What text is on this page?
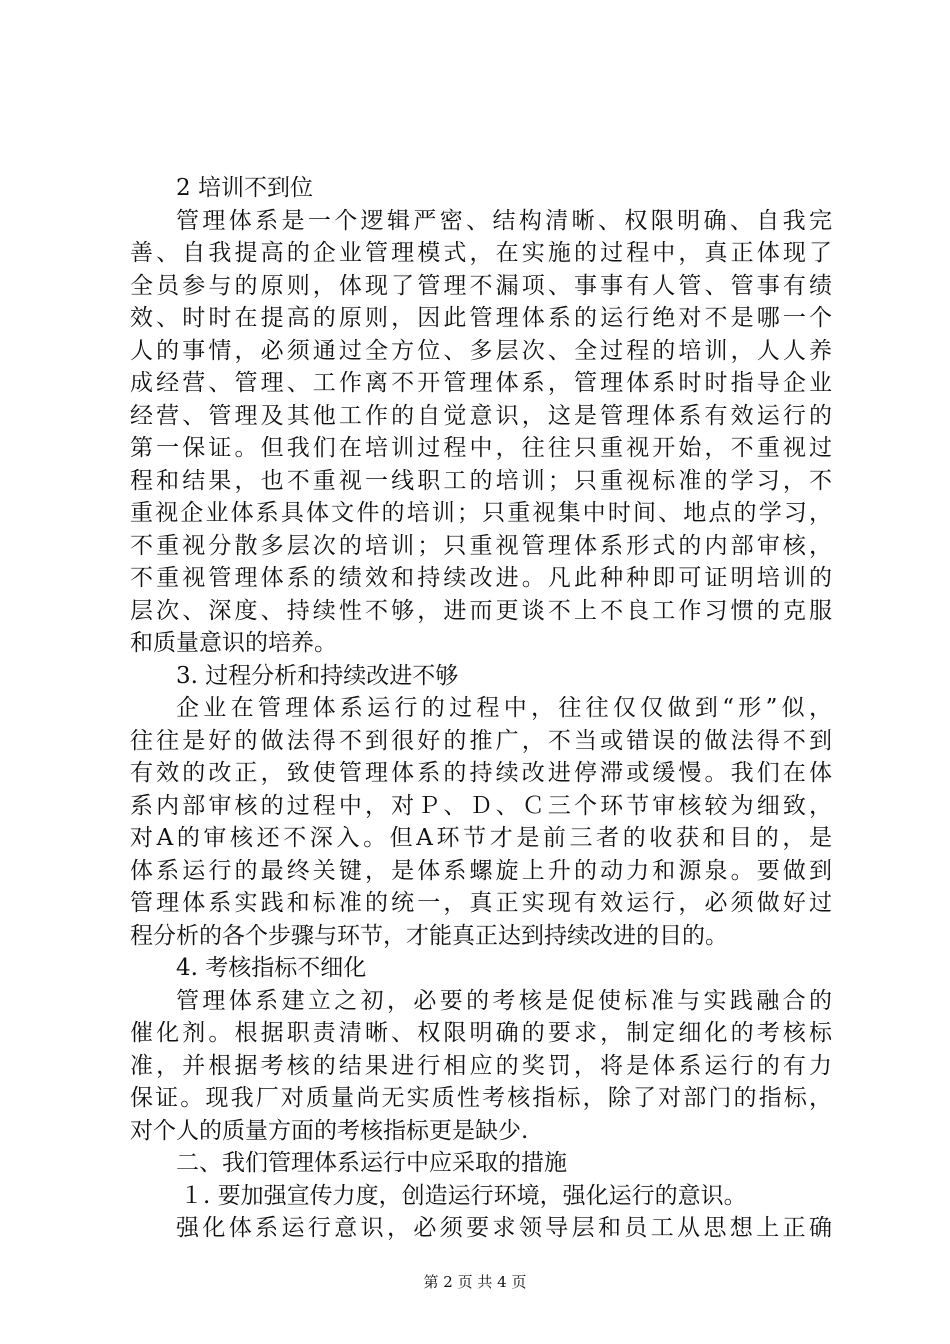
2 培训不到位
管理体系是一个逻辑严密、结构清晰、权限明确、自我完
善、自我提高的企业管理模式，在实施的过程中，真正体现了
全员参与的原则，体现了管理不漏项、事事有人管、管事有绩
效、时时在提高的原则，因此管理体系的运行绝对不是哪一个
人的事情，必须通过全方位、多层次、全过程的培训，人人养
成经营、管理、工作离不开管理体系，管理体系时时指导企业
经营、管理及其他工作的自觉意识，这是管理体系有效运行的
第一保证。但我们在培训过程中，往往只重视开始，不重视过
程和结果，也不重视一线职工的培训；只重视标准的学习，不
重视企业体系具体文件的培训；只重视集中时间、地点的学习，
不重视分散多层次的培训；只重视管理体系形式的内部审核，
不重视管理体系的绩效和持续改进。凡此种种即可证明培训的
层次、深度、持续性不够，进而更谈不上不良工作习惯的克服
和质量意识的培养。
3. 过程分析和持续改进不够
企业在管理体系运行的过程中，往往仅仅做到“形”似，
往往是好的做法得不到很好的推广，不当或错误的做法得不到
有效的改正，致使管理体系的持续改进停滞或缓慢。我们在体
系内部审核的过程中，对Ｐ、Ｄ、Ｃ三个环节审核较为细致，
对A的审核还不深入。但A环节才是前三者的收获和目的，是
体系运行的最终关键，是体系螺旋上升的动力和源泉。要做到
管理体系实践和标准的统一，真正实现有效运行，必须做好过
程分析的各个步骤与环节，才能真正达到持续改进的目的。
4. 考核指标不细化
管理体系建立之初，必要的考核是促使标准与实践融合的
催化剂。根据职责清晰、权限明确的要求，制定细化的考核标
准，并根据考核的结果进行相应的奖罚，将是体系运行的有力
保证。现我厂对质量尚无实质性考核指标，除了对部门的指标，
对个人的质量方面的考核指标更是缺少.
二、我们管理体系运行中应采取的措施
１. 要加强宣传力度，创造运行环境，强化运行的意识。
强化体系运行意识，必须要求领导层和员工从思想上正确
第 2 页 共 4 页
